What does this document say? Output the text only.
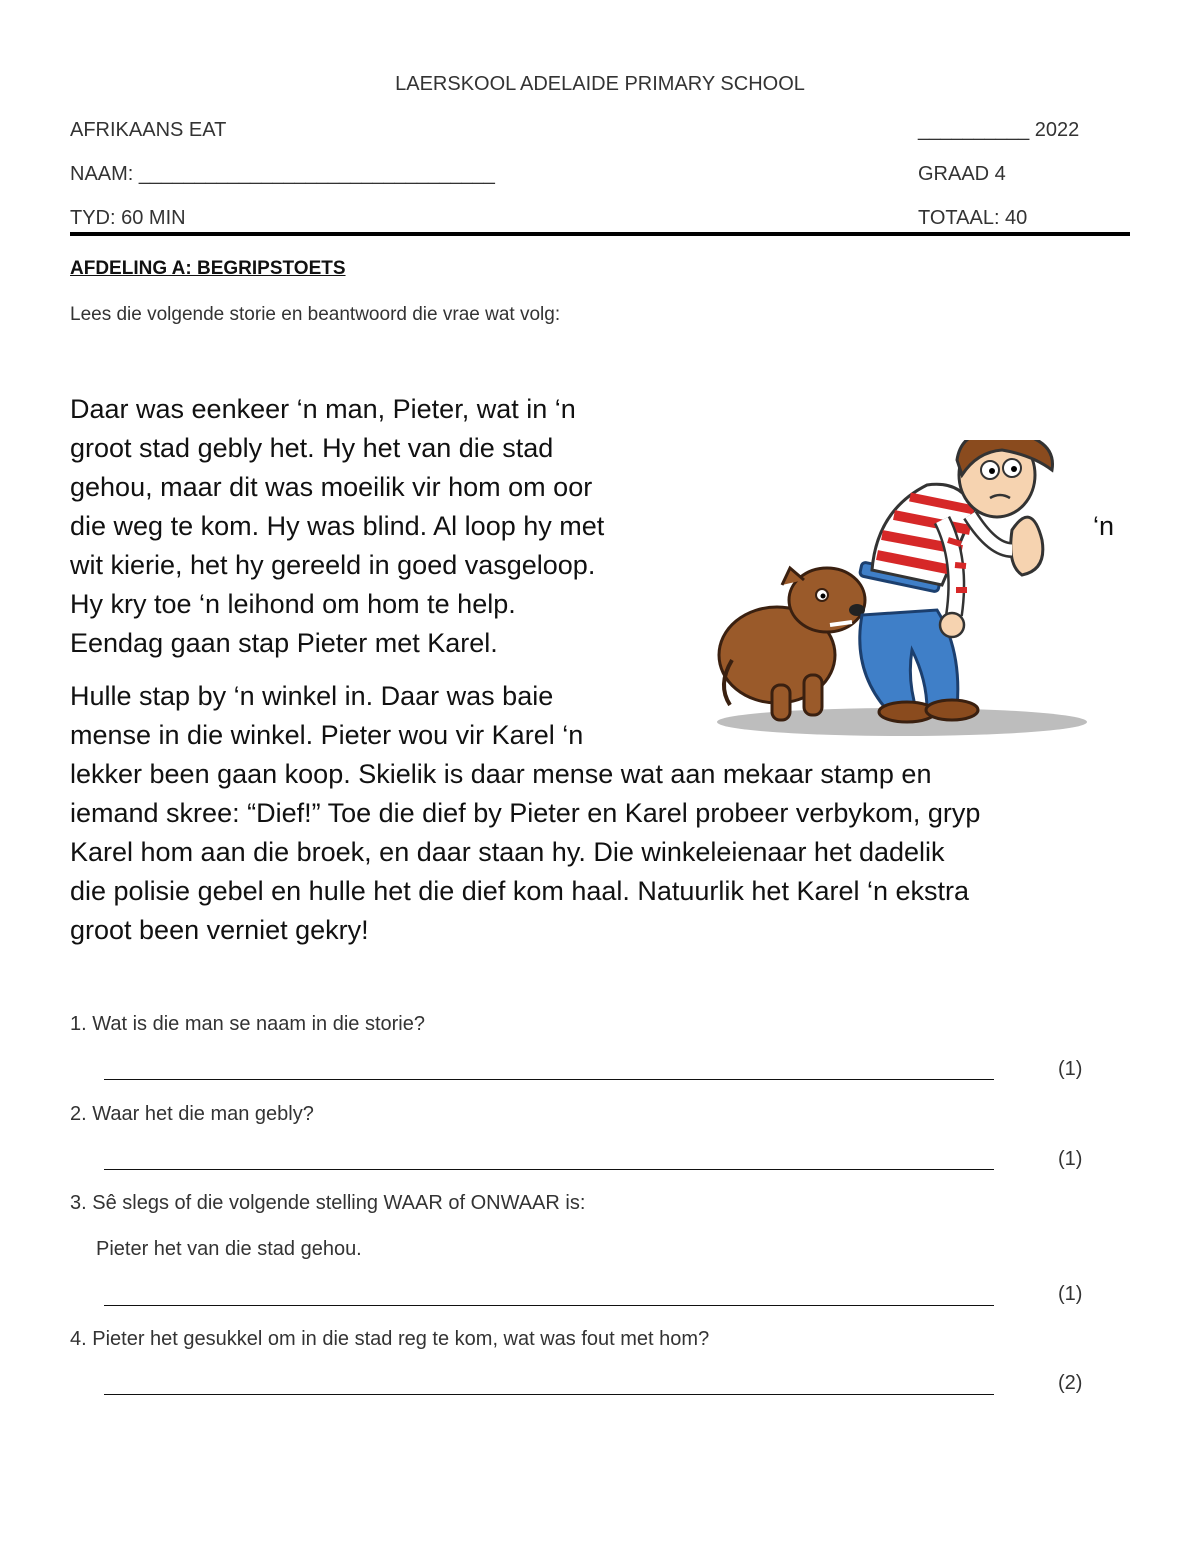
LAERSKOOL ADELAIDE PRIMARY SCHOOL
AFRIKAANS EAT	__________ 2022
NAAM: ________________________________	GRAAD 4
TYD: 60 MIN	TOTAAL: 40
AFDELING A: BEGRIPSTOETS
Lees die volgende storie en beantwoord die vrae wat volg:
Daar was eenkeer ‘n man, Pieter, wat in ‘n
groot stad gebly het. Hy het van die stad
gehou, maar dit was moeilik vir hom om oor
die weg te kom. Hy was blind. Al loop hy met
wit kierie, het hy gereeld in goed vasgeloop.
Hy kry toe ‘n leihond om hom te help.
Eendag gaan stap Pieter met Karel.
‘n
Hulle stap by ‘n winkel in. Daar was baie
mense in die winkel. Pieter wou vir Karel ‘n
lekker been gaan koop. Skielik is daar mense wat aan mekaar stamp en
iemand skree: “Dief!” Toe die dief by Pieter en Karel probeer verbykom, gryp
Karel hom aan die broek, en daar staan hy. Die winkeleienaar het dadelik
die polisie gebel en hulle het die dief kom haal. Natuurlik het Karel ‘n ekstra
groot been verniet gekry!
1. Wat is die man se naam in die storie?
(1)
2. Waar het die man gebly?
(1)
3. Sê slegs of die volgende stelling WAAR of ONWAAR is:
Pieter het van die stad gehou.
(1)
4. Pieter het gesukkel om in die stad reg te kom, wat was fout met hom?
(2)
